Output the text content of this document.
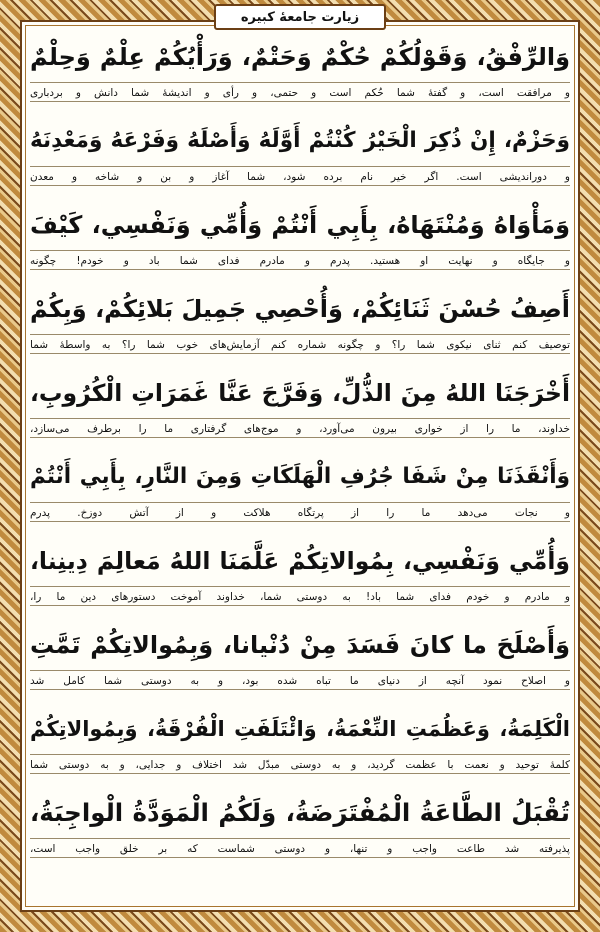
زیارت جامعهٔ کبیره
وَالرِّفْقُ، وَقَوْلُكُمْ حُكْمٌ وَحَتْمٌ، وَرَأْيُكُمْ عِلْمٌ وَحِلْمٌ
و مرافقت است، و گفتهٔ شما حُکم است و حتمی، و رأی و اندیشهٔ شما دانش و بردباری
وَحَزْمٌ، إِنْ ذُكِرَ الْخَيْرُ كُنْتُمْ أَوَّلَهُ وَأَصْلَهُ وَفَرْعَهُ وَمَعْدِنَهُ
و دوراندیشی است. اگر خیر نام برده شود، شما آغاز و بن و شاخه و معدن
وَمَأْوَاهُ وَمُنْتَهَاهُ، بِأَبِي أَنْتُمْ وَأُمِّي وَنَفْسِي، كَيْفَ
و جایگاه و نهایت او هستید. پدرم و مادرم فدای شما باد و خودم! چگونه
أَصِفُ حُسْنَ ثَنَائِكُمْ، وَأُحْصِي جَمِيلَ بَلائِكُمْ، وَبِكُمْ
توصیف کنم ثنای نیکوی شما را؟ و چگونه شماره کنم آزمایش‌های خوب شما را؟ به واسطهٔ شما
أَخْرَجَنَا اللهُ مِنَ الذُّلِّ، وَفَرَّجَ عَنَّا غَمَرَاتِ الْكُرُوبِ،
خداوند، ما را از خواری بیرون می‌آورد، و موج‌های گرفتاری ما را برطرف می‌سازد،
وَأَنْقَذَنَا مِنْ شَفَا جُرُفِ الْهَلَكَاتِ وَمِنَ النَّارِ، بِأَبِي أَنْتُمْ
و نجات می‌دهد ما را از پرتگاه هلاکت و از آتش دوزخ. پدرم
وَأُمِّي وَنَفْسِي، بِمُوالاتِكُمْ عَلَّمَنَا اللهُ مَعالِمَ دِينِنا،
و مادرم و خودم فدای شما باد! به دوستی شما، خداوند آموخت دستورهای دین ما را،
وَأَصْلَحَ ما كانَ فَسَدَ مِنْ دُنْيانا، وَبِمُوالاتِكُمْ تَمَّتِ
و اصلاح نمود آنچه از دنیای ما تباه شده بود، و به دوستی شما کامل شد
الْكَلِمَةُ، وَعَظُمَتِ النِّعْمَةُ، وَائْتَلَفَتِ الْفُرْقَةُ، وَبِمُوالاتِكُمْ
کلمهٔ توحید و نعمت با عظمت گردید، و به دوستی مبدّل شد اختلاف و جدایی، و به دوستی شما
تُقْبَلُ الطَّاعَةُ الْمُفْتَرَضَةُ، وَلَكُمُ الْمَوَدَّةُ الْواجِبَةُ،
پذیرفته شد طاعت واجب و تنها، و دوستی شماست که بر خلق واجب است،
